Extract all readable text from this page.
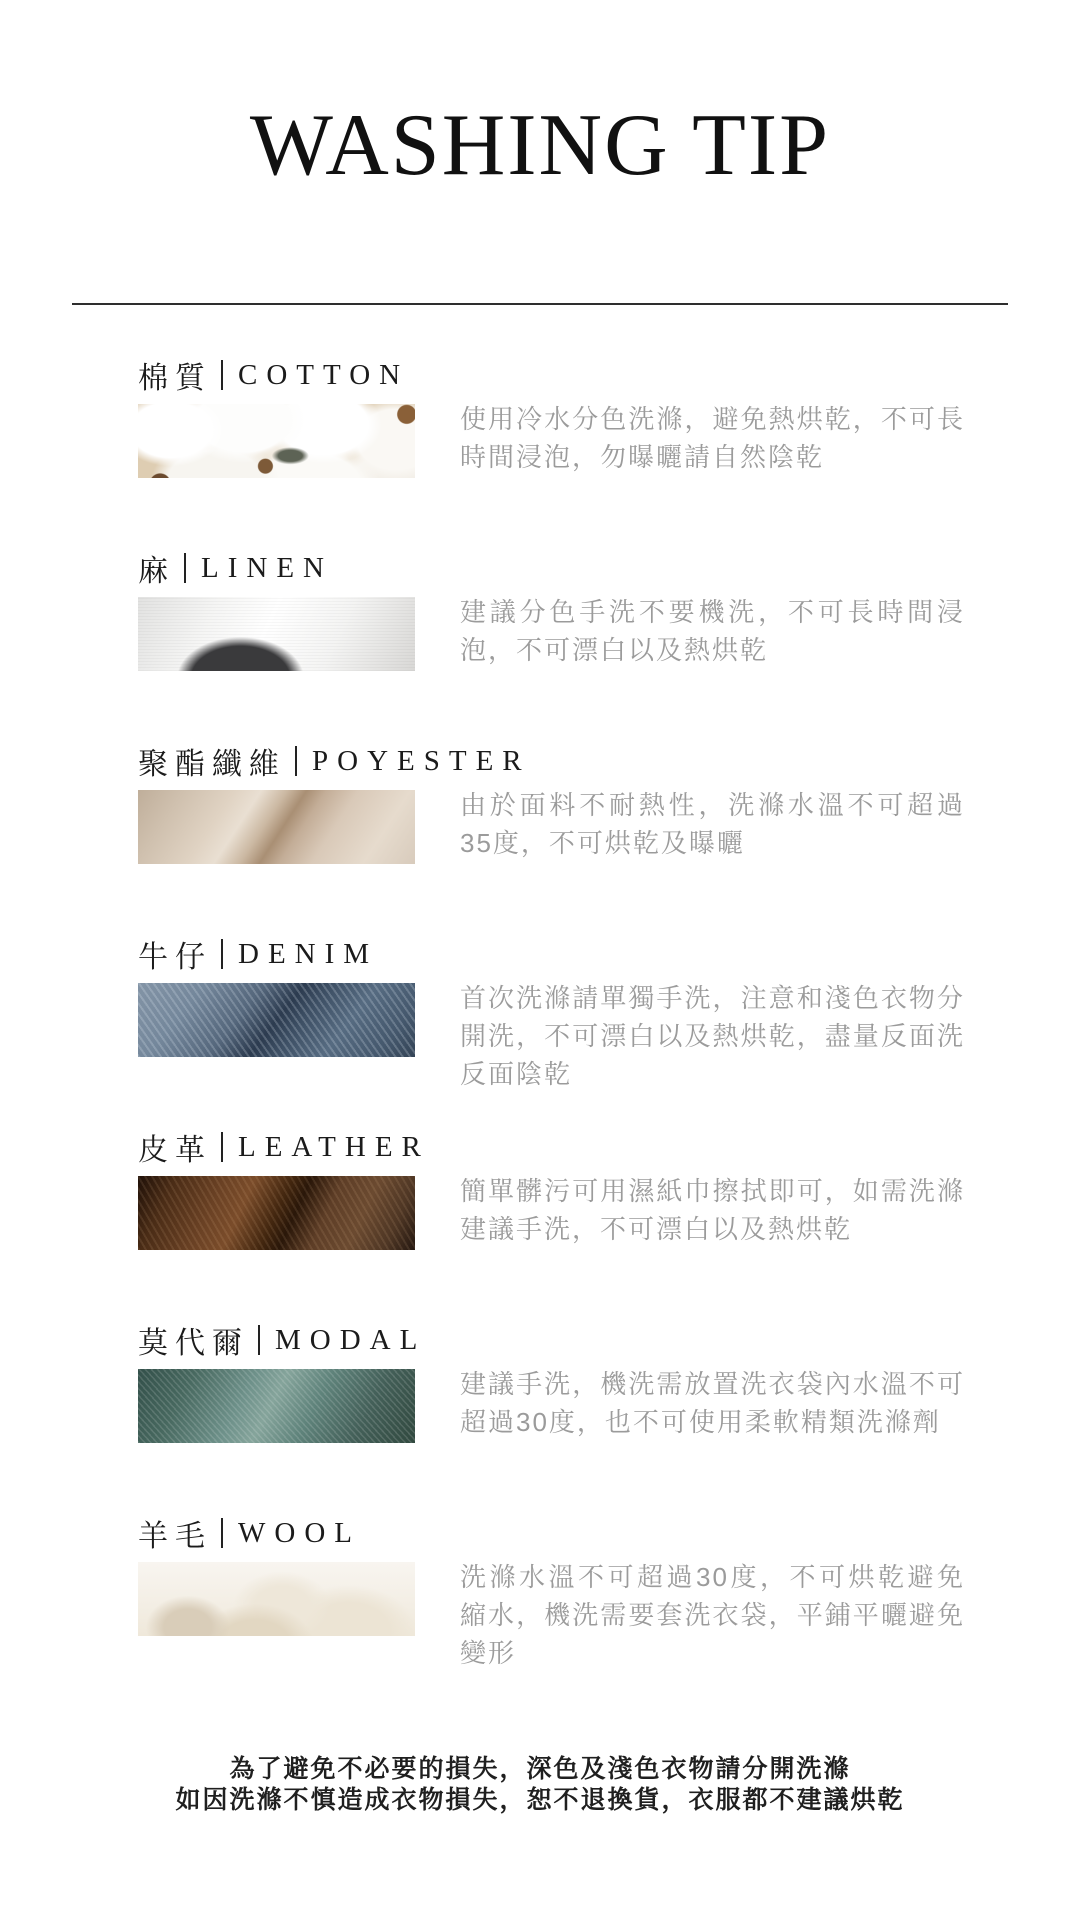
WASHING TIP
棉質 COTTON

使用冷水分色洗滌，避免熱烘乾，不可長時間浸泡，勿曝曬請自然陰乾

麻 LINEN

建議分色手洗不要機洗，不可長時間浸泡，不可漂白以及熱烘乾

聚酯纖維 POYESTER

由於面料不耐熱性，洗滌水溫不可超過35度，不可烘乾及曝曬

牛仔 DENIM

首次洗滌請單獨手洗，注意和淺色衣物分開洗，不可漂白以及熱烘乾，盡量反面洗反面陰乾

皮革 LEATHER

簡單髒污可用濕紙巾擦拭即可，如需洗滌建議手洗，不可漂白以及熱烘乾

莫代爾 MODAL

建議手洗，機洗需放置洗衣袋內水溫不可超過30度，也不可使用柔軟精類洗滌劑

羊毛 WOOL

洗滌水溫不可超過30度，不可烘乾避免縮水，機洗需要套洗衣袋，平鋪平曬避免變形

為了避免不必要的損失，深色及淺色衣物請分開洗滌
如因洗滌不慎造成衣物損失，恕不退換貨，衣服都不建議烘乾
